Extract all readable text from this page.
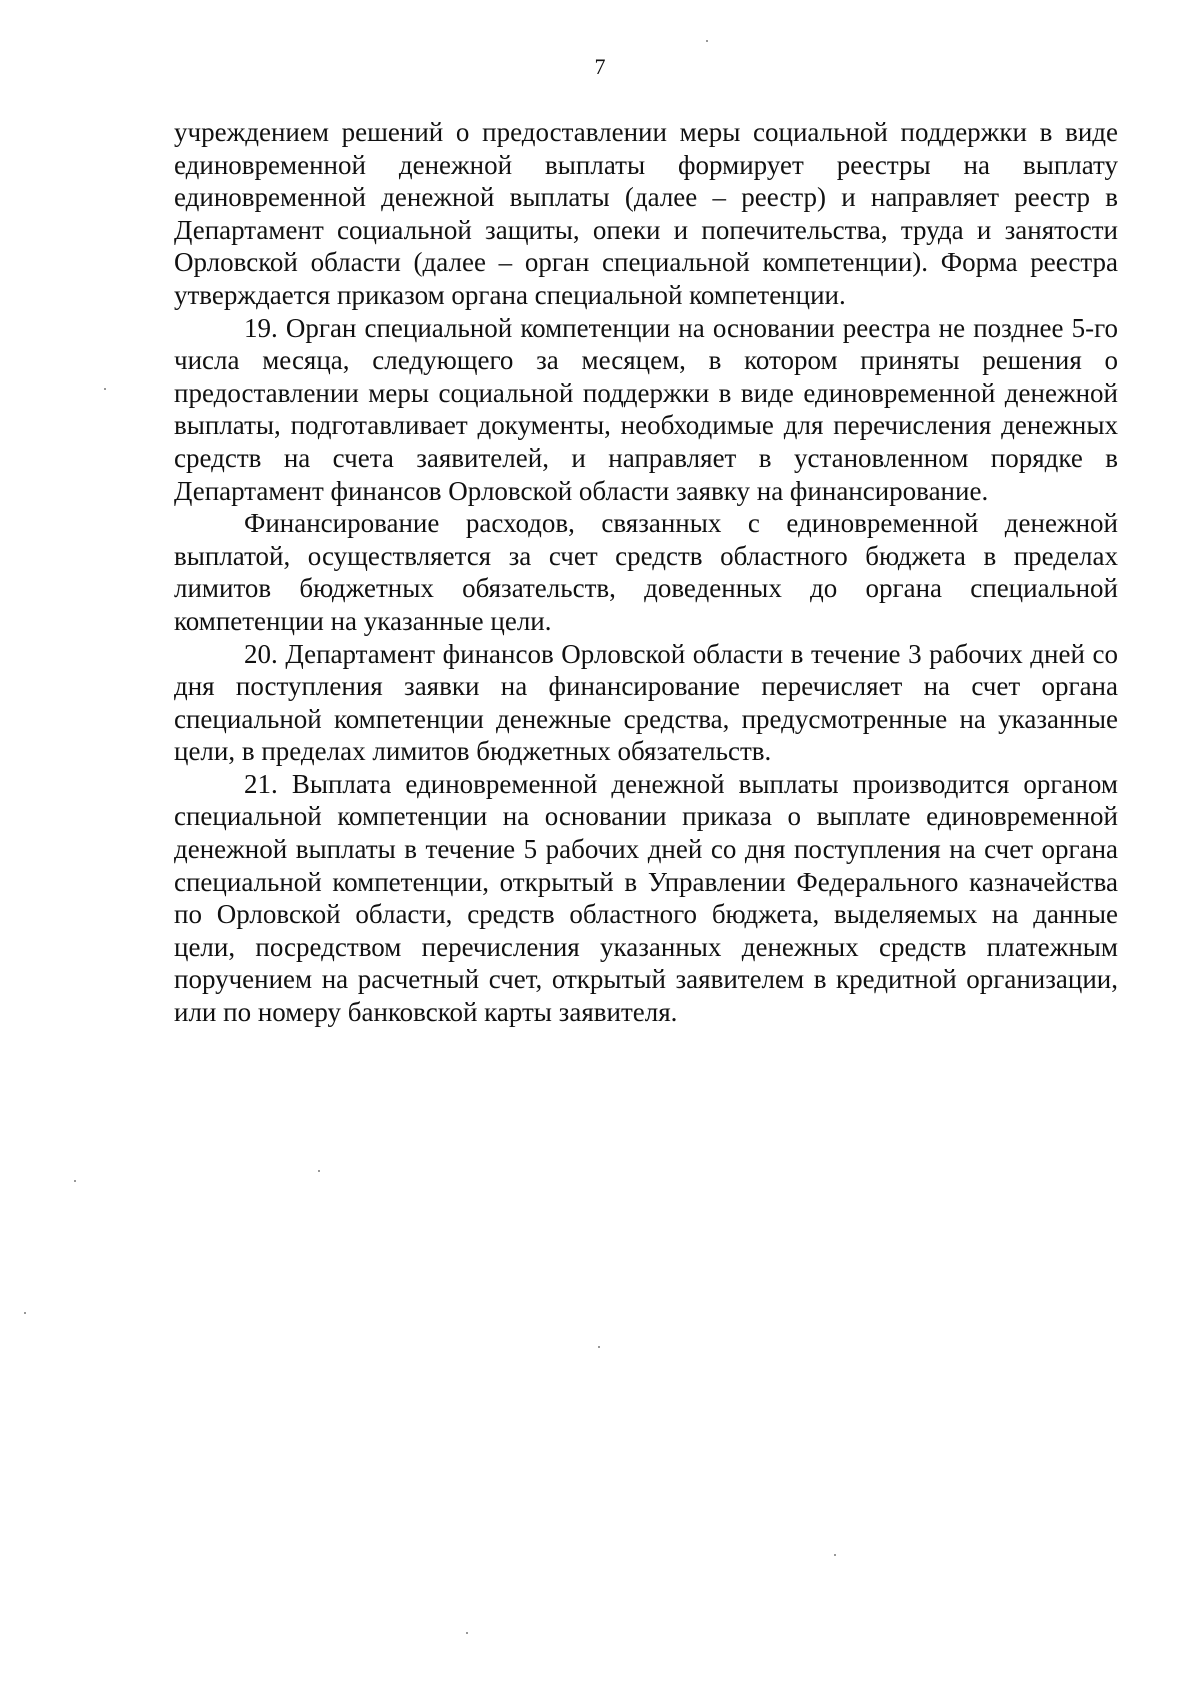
7

учреждением решений о предоставлении меры социальной поддержки в виде единовременной денежной выплаты формирует реестры на выплату единовременной денежной выплаты (далее – реестр) и направляет реестр в Департамент социальной защиты, опеки и попечительства, труда и занятости Орловской области (далее – орган специальной компетенции). Форма реестра утверждается приказом органа специальной компетенции.

19. Орган специальной компетенции на основании реестра не позднее 5-го числа месяца, следующего за месяцем, в котором приняты решения о предоставлении меры социальной поддержки в виде единовременной денежной выплаты, подготавливает документы, необходимые для перечисления денежных средств на счета заявителей, и направляет в установленном порядке в Департамент финансов Орловской области заявку на финансирование.

Финансирование расходов, связанных с единовременной денежной выплатой, осуществляется за счет средств областного бюджета в пределах лимитов бюджетных обязательств, доведенных до органа специальной компетенции на указанные цели.

20. Департамент финансов Орловской области в течение 3 рабочих дней со дня поступления заявки на финансирование перечисляет на счет органа специальной компетенции денежные средства, предусмотренные на указанные цели, в пределах лимитов бюджетных обязательств.

21. Выплата единовременной денежной выплаты производится органом специальной компетенции на основании приказа о выплате единовременной денежной выплаты в течение 5 рабочих дней со дня поступления на счет органа специальной компетенции, открытый в Управлении Федерального казначейства по Орловской области, средств областного бюджета, выделяемых на данные цели, посредством перечисления указанных денежных средств платежным поручением на расчетный счет, открытый заявителем в кредитной организации, или по номеру банковской карты заявителя.
